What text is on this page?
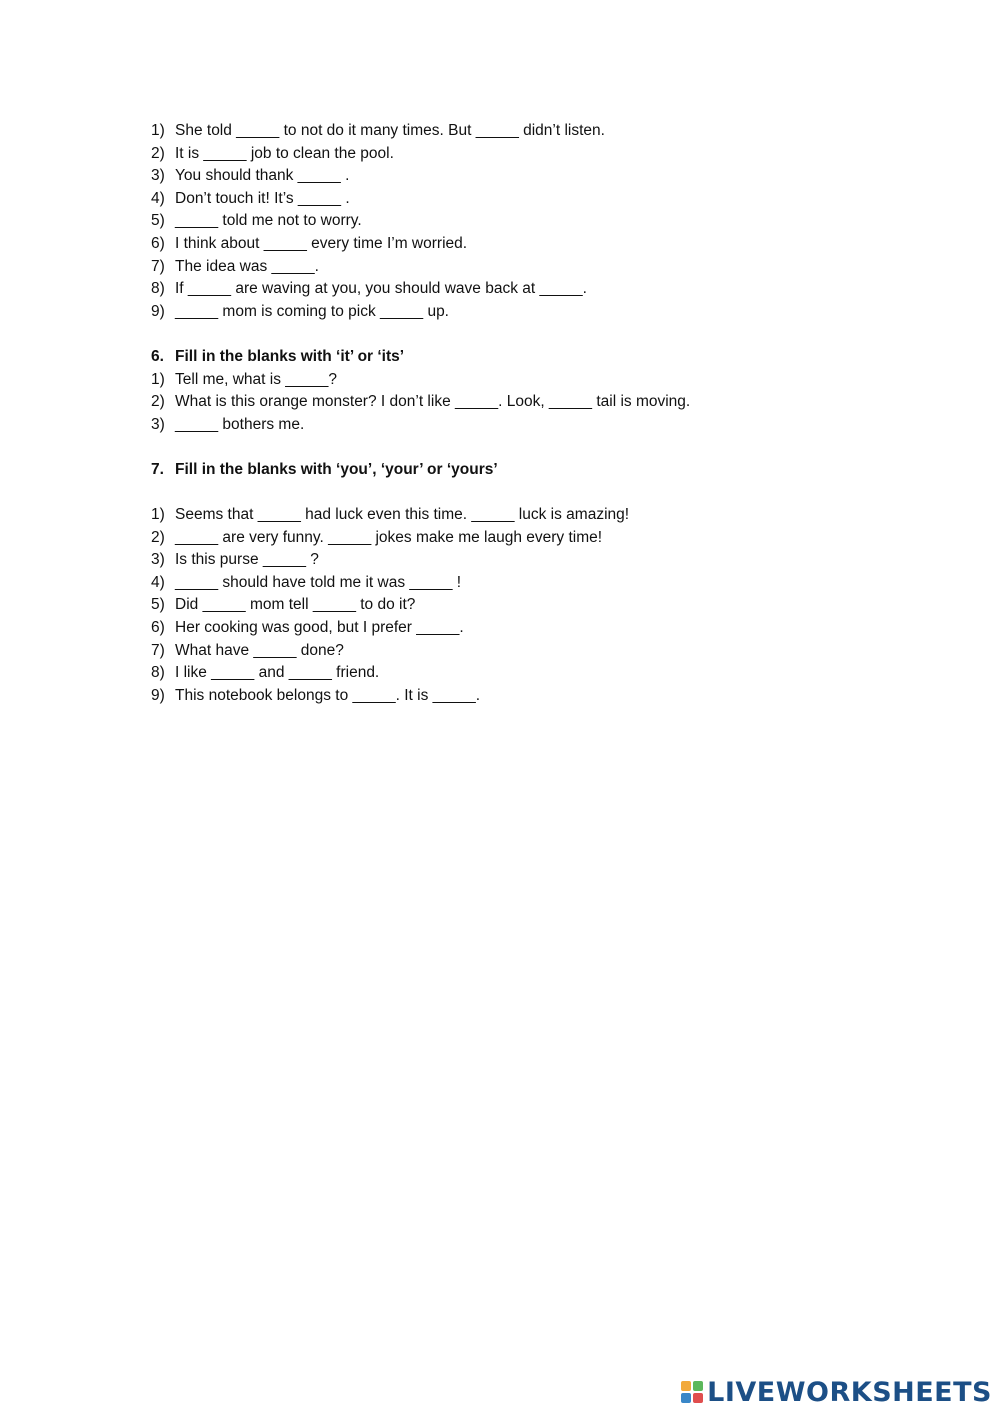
1) She told _____ to not do it many times. But _____ didn’t listen.
2) It is _____ job to clean the pool.
3) You should thank _____ .
4) Don’t touch it! It’s _____ .
5) _____ told me not to worry.
6) I think about _____ every time I’m worried.
7) The idea was _____.
8) If _____ are waving at you, you should wave back at _____.
9) _____ mom is coming to pick _____ up.
6. Fill in the blanks with ‘it’ or ‘its’
1) Tell me, what is _____?
2) What is this orange monster? I don’t like _____. Look, _____ tail is moving.
3) _____ bothers me.
7. Fill in the blanks with ‘you’, ‘your’ or ‘yours’
1) Seems that _____ had luck even this time. _____ luck is amazing!
2) _____ are very funny. _____ jokes make me laugh every time!
3) Is this purse _____ ?
4) _____ should have told me it was _____ !
5) Did _____ mom tell _____ to do it?
6) Her cooking was good, but I prefer _____.
7) What have _____ done?
8) I like _____ and _____ friend.
9) This notebook belongs to _____. It is _____.
LIVEWORKSHEETS
